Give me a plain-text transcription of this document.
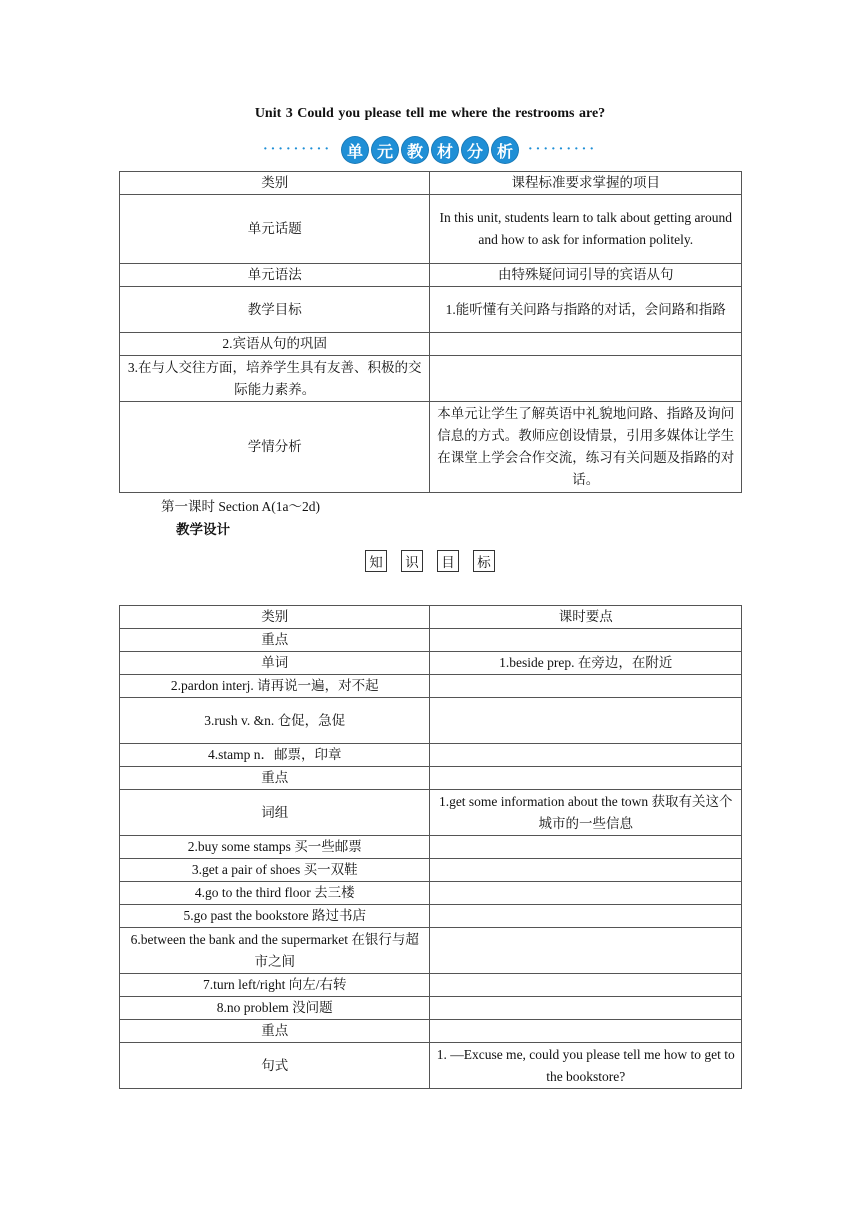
Unit 3 Could you please tell me where the restrooms are?
········· 单 元 教 材 分 析	·········
类别	课程标准要求掌握的项目
单元话题	In this unit, students learn to talk about getting around and how to ask for information politely.
单元语法	由特殊疑问词引导的宾语从句
教学目标	1.能听懂有关问路与指路的对话，会问路和指路
2.宾语从句的巩固	
3.在与人交往方面，培养学生具有友善、积极的交际能力素养。	
学情分析	本单元让学生了解英语中礼貌地问路、指路及询问信息的方式。教师应创设情景，引用多媒体让学生在课堂上学会合作交流，练习有关问题及指路的对话。
第一课时 Section A(1a～2d)
教学设计
知	识	目	标
类别	课时要点
重点	
单词	1.beside prep. 在旁边，在附近
2.pardon interj. 请再说一遍，对不起	
3.rush v. &n. 仓促，急促	
4.stamp n．邮票，印章	
重点	
词组	1.get some information about the town 获取有关这个城市的一些信息
2.buy some stamps 买一些邮票	
3.get a pair of shoes 买一双鞋	
4.go to the third floor 去三楼	
5.go past the bookstore 路过书店	
6.between the bank and the supermarket 在银行与超市之间	
7.turn left/right 向左/右转	
8.no problem 没问题	
重点	
句式	1. —Excuse me, could you please tell me how to get to the bookstore?
